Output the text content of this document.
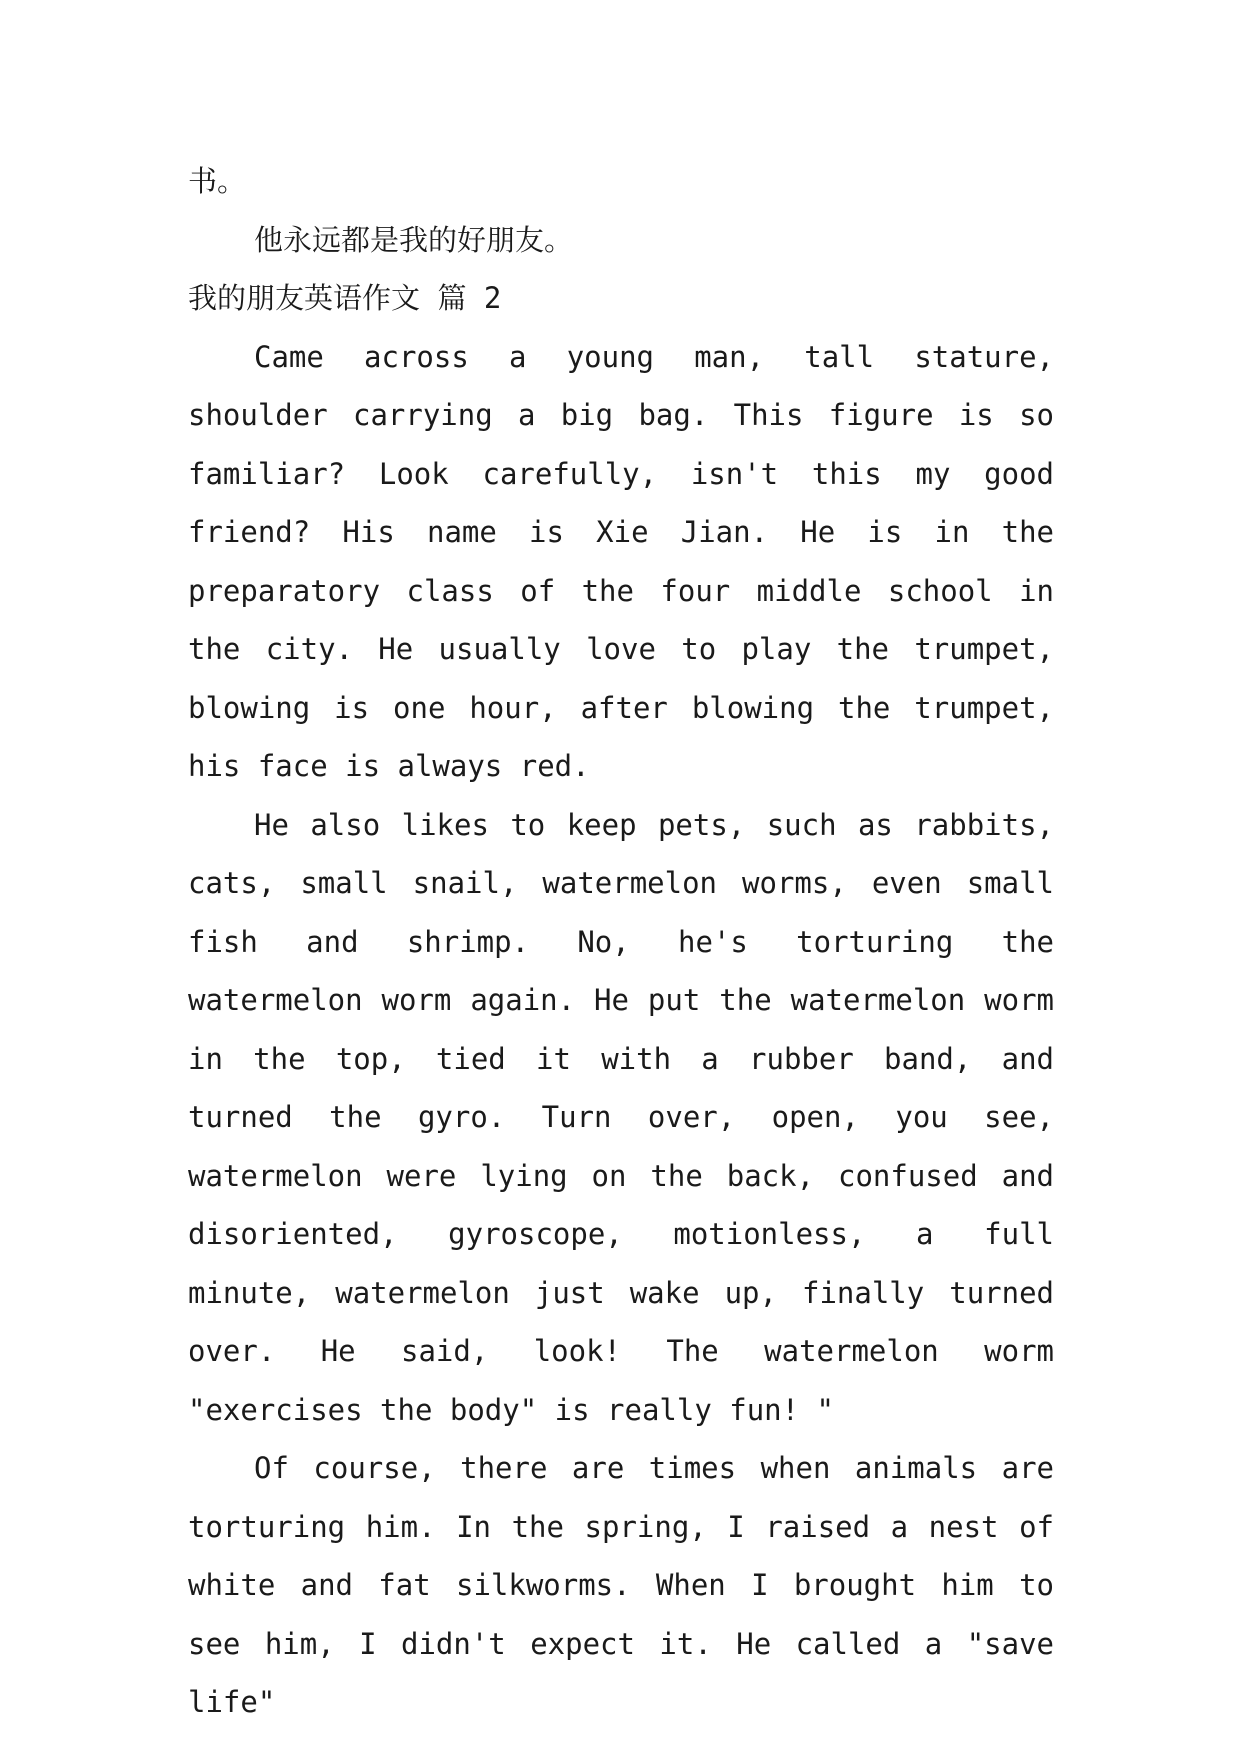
书。

他永远都是我的好朋友。

我的朋友英语作文 篇 2

Came across a young man, tall stature, shoulder carrying a big bag. This figure is so familiar? Look carefully, isn't this my good friend? His name is Xie Jian. He is in the preparatory class of the four middle school in the city. He usually love to play the trumpet, blowing is one hour, after blowing the trumpet, his face is always red.

He also likes to keep pets, such as rabbits, cats, small snail, watermelon worms, even small fish and shrimp. No, he's torturing the watermelon worm again. He put the watermelon worm in the top, tied it with a rubber band, and turned the gyro. Turn over, open, you see, watermelon were lying on the back, confused and disoriented, gyroscope, motionless, a full minute, watermelon just wake up, finally turned over. He said, look! The watermelon worm "exercises the body" is really fun! "

Of course, there are times when animals are torturing him. In the spring, I raised a nest of white and fat silkworms. When I brought him to see him, I didn't expect it. He called a "save life"
